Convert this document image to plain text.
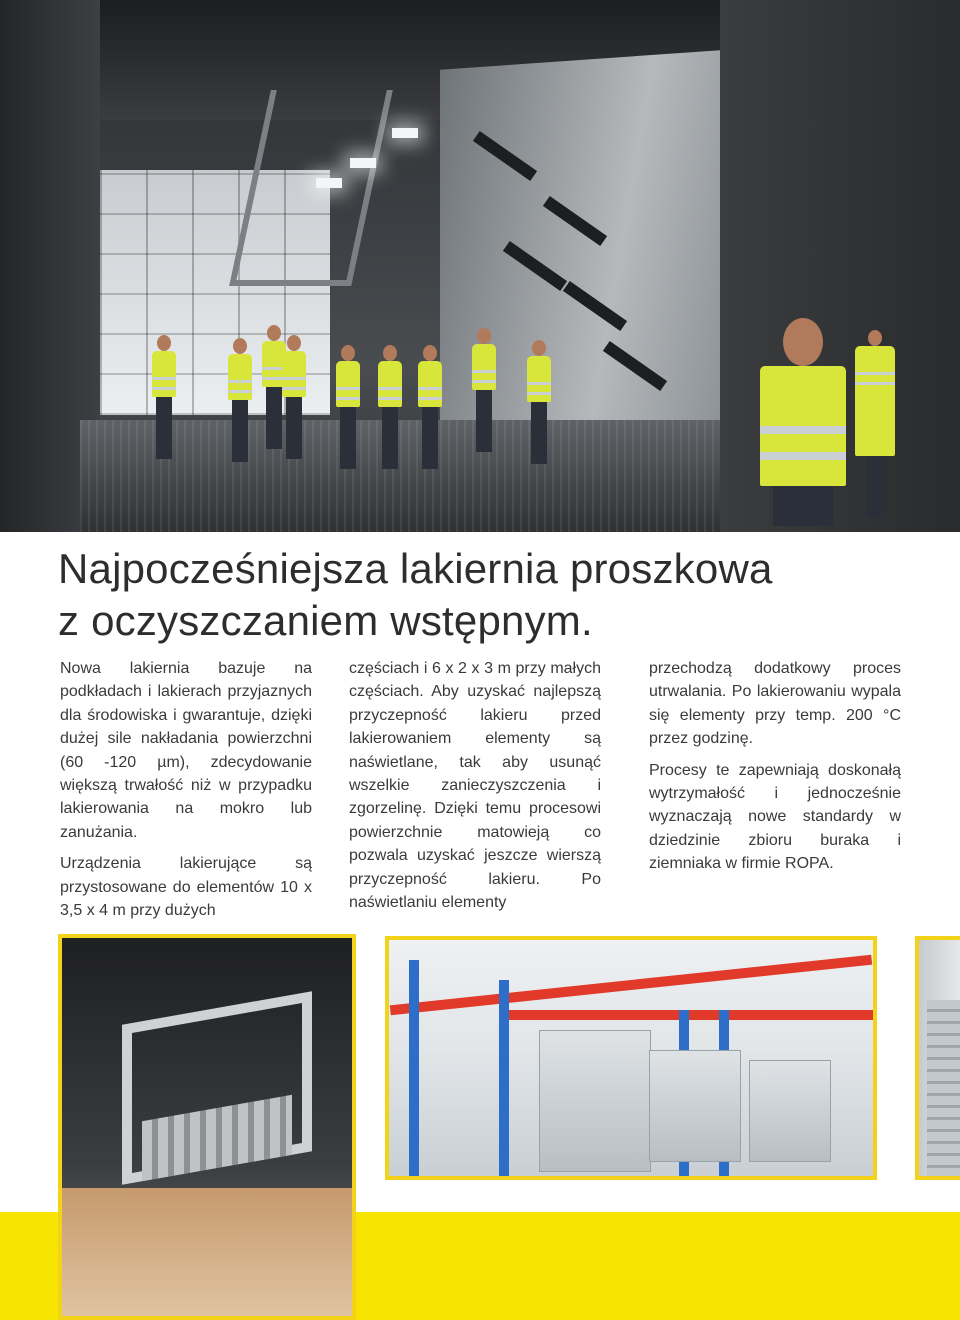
Najpocześniejsza lakiernia proszkowa
z oczyszczaniem wstępnym.

Nowa lakiernia bazuje na podkładach i lakierach przyjaznych dla środowiska i gwarantuje, dzięki dużej sile nakładania powierzchni (60 -120 µm), zdecydowanie większą trwałość niż w przypadku lakierowania na mokro lub zanużania.

Urządzenia lakierujące są przystosowane do elementów 10 x 3,5 x 4 m przy dużych

częściach i 6 x 2 x 3 m przy małych częściach. Aby uzyskać najlepszą przyczepność lakieru przed lakierowaniem elementy są naświetlane, tak aby usunąć wszelkie zanieczyszczenia i zgorzelinę. Dzięki temu procesowi powierzchnie matowieją co pozwala uzyskać jeszcze wierszą przyczepność lakieru. Po naświetlaniu elementy

przechodzą dodatkowy proces utrwalania. Po lakierowaniu wypala się elementy przy temp. 200 °C przez godzinę.

Procesy te zapewniają doskonałą wytrzymałość i jednocześnie wyznaczają nowe standardy w dziedzinie zbioru buraka i ziemniaka w firmie ROPA.
